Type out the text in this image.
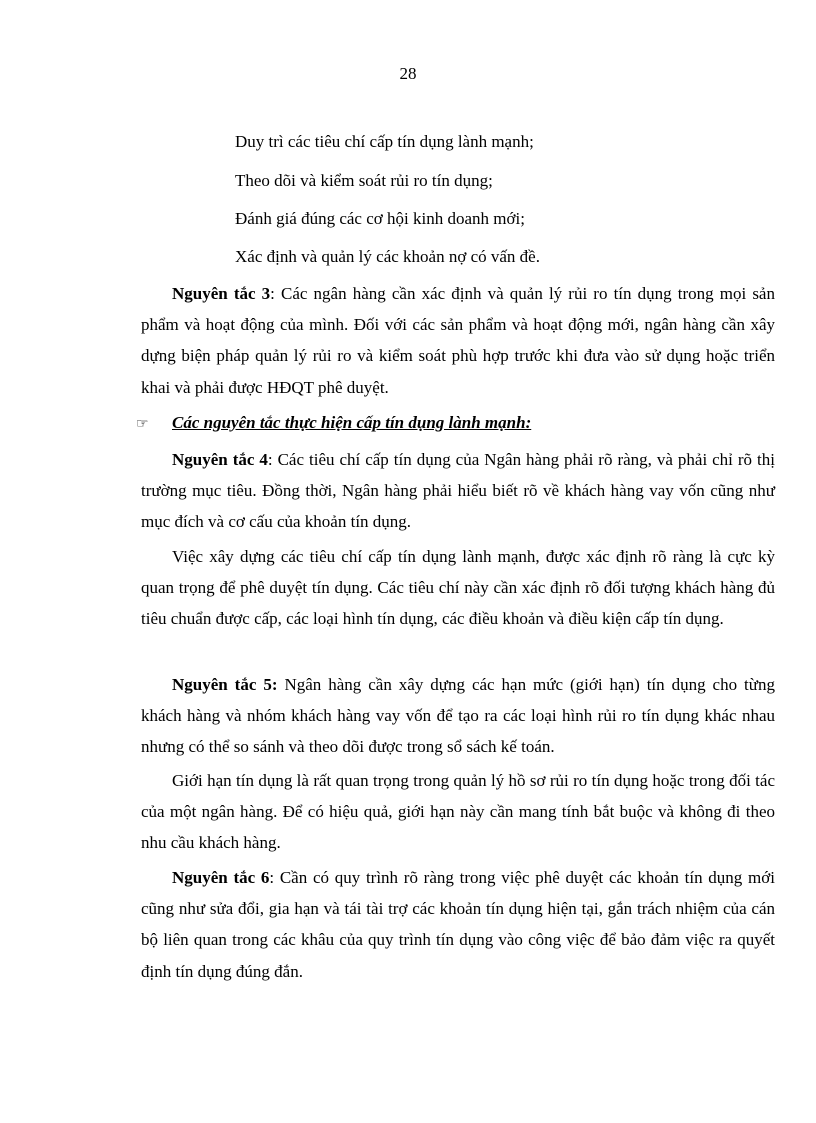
28
Duy trì các tiêu chí cấp tín dụng lành mạnh;
Theo dõi và kiểm soát rủi ro tín dụng;
Đánh giá đúng các cơ hội kinh doanh mới;
Xác định và quản lý các khoản nợ có vấn đề.

Nguyên tắc 3: Các ngân hàng cần xác định và quản lý rủi ro tín dụng trong mọi sản phẩm và hoạt động của mình. Đối với các sản phẩm và hoạt động mới, ngân hàng cần xây dựng biện pháp quản lý rủi ro và kiểm soát phù hợp trước khi đưa vào sử dụng hoặc triển khai và phải được HĐQT phê duyệt.

☞ Các nguyên tắc thực hiện cấp tín dụng lành mạnh:

Nguyên tắc 4: Các tiêu chí cấp tín dụng của Ngân hàng phải rõ ràng, và phải chỉ rõ thị trường mục tiêu. Đồng thời, Ngân hàng phải hiểu biết rõ về khách hàng vay vốn cũng như mục đích và cơ cấu của khoản tín dụng.

Việc xây dựng các tiêu chí cấp tín dụng lành mạnh, được xác định rõ ràng là cực kỳ quan trọng để phê duyệt tín dụng. Các tiêu chí này cần xác định rõ đối tượng khách hàng đủ tiêu chuẩn được cấp, các loại hình tín dụng, các điều khoản và điều kiện cấp tín dụng.

Nguyên tắc 5: Ngân hàng cần xây dựng các hạn mức (giới hạn) tín dụng cho từng khách hàng và nhóm khách hàng vay vốn để tạo ra các loại hình rủi ro tín dụng khác nhau nhưng có thể so sánh và theo dõi được trong sổ sách kế toán.

Giới hạn tín dụng là rất quan trọng trong quản lý hồ sơ rủi ro tín dụng hoặc trong đối tác của một ngân hàng. Để có hiệu quả, giới hạn này cần mang tính bắt buộc và không đi theo nhu cầu khách hàng.

Nguyên tắc 6: Cần có quy trình rõ ràng trong việc phê duyệt các khoản tín dụng mới cũng như sửa đổi, gia hạn và tái tài trợ các khoản tín dụng hiện tại, gắn trách nhiệm của cán bộ liên quan trong các khâu của quy trình tín dụng vào công việc để bảo đảm việc ra quyết định tín dụng đúng đắn.
